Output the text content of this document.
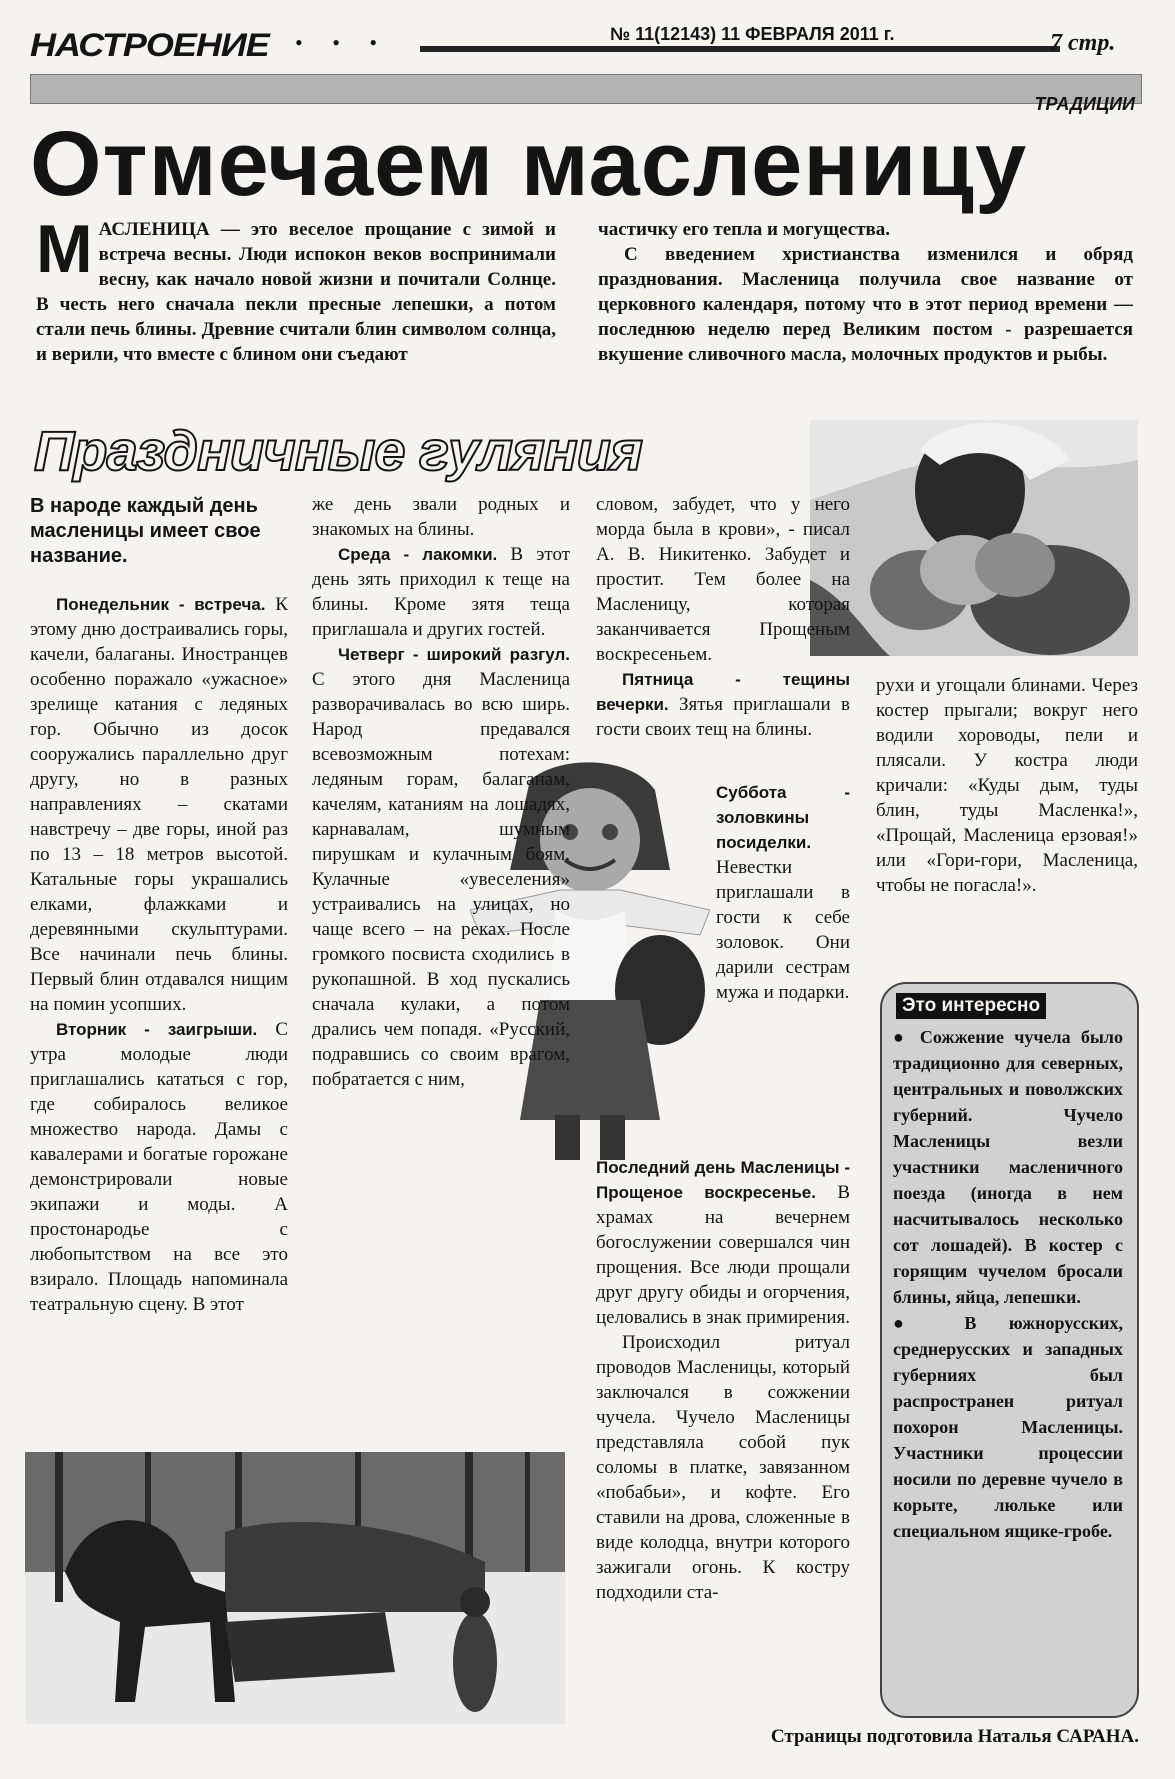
НАСТРОЕНИЕ • • •	№ 11(12143) 11 ФЕВРАЛЯ 2011 г.	7 стр.
ТРАДИЦИИ
Отмечаем масленицу
МАСЛЕНИЦА — это веселое прощание с зимой и встреча весны. Люди испокон веков воспринимали весну, как начало новой жизни и почитали Солнце. В честь него сначала пекли пресные лепешки, а потом стали печь блины. Древние считали блин символом солнца, и верили, что вместе с блином они съедают
частичку его тепла и могущества.
С введением христианства изменился и обряд празднования. Масленица получила свое название от церковного календаря, потому что в этот период времени — последнюю неделю перед Великим постом - разрешается вкушение сливочного масла, молочных продуктов и рыбы.
Праздничные гуляния
В народе каждый день масленицы имеет свое название.

Понедельник - встреча. К этому дню достраивались горы, качели, балаганы. Иностранцев особенно поражало «ужасное» зрелище катания с ледяных гор. Обычно из досок сооружались параллельно друг другу, но в разных направлениях – скатами навстречу – две горы, иной раз по 13 – 18 метров высотой. Катальные горы украшались елками, флажками и деревянными скульптурами. Все начинали печь блины. Первый блин отдавался нищим на помин усопших.

Вторник - заигрыши. С утра молодые люди приглашались кататься с гор, где собиралось великое множество народа. Дамы с кавалерами и богатые горожане демонстрировали новые экипажи и моды. А простонародье с любопытством на все это взирало. Площадь напоминала театральную сцену. В этот

же день звали родных и знакомых на блины.

Среда - лакомки. В этот день зять приходил к теще на блины. Кроме зятя теща приглашала и других гостей.

Четверг - широкий разгул. С этого дня Масленица разворачивалась во всю ширь. Народ предавался всевозможным потехам: ледяным горам, балаганам, качелям, катаниям на лошадях, карнавалам, шумным пирушкам и кулачным боям. Кулачные «увеселения» устраивались на улицах, но чаще всего – на реках. После громкого посвиста сходились в рукопашной. В ход пускались сначала кулаки, а потом дрались чем попадя. «Русский, подравшись со своим врагом, побратается с ним,

словом, забудет, что у него морда была в крови», - писал А. В. Никитенко. Забудет и простит. Тем более на Масленицу, которая заканчивается Прощеным воскресеньем.

Пятница - тещины вечерки. Зятья приглашали в гости своих тещ на блины.

Суббота - золовкины посиделки. Невестки приглашали в гости к себе золовок. Они дарили сестрам мужа и подарки.

Последний день Масленицы - Прощеное воскресенье. В храмах на вечернем богослужении совершался чин прощения. Все люди прощали друг другу обиды и огорчения, целовались в знак примирения.

Происходил ритуал проводов Масленицы, который заключался в сожжении чучела. Чучело Масленицы представляла собой пук соломы в платке, завязанном «побабьи», и кофте. Его ставили на дрова, сложенные в виде колодца, внутри которого зажигали огонь. К костру подходили ста-

рухи и угощали блинами. Через костер прыгали; вокруг него водили хороводы, пели и плясали. У костра люди кричали: «Куды дым, туды блин, туды Масленка!», «Прощай, Масленица ерзовая!» или «Гори-гори, Масленица, чтобы не погасла!».

Это интересно

● Сожжение чучела было традиционно для северных, центральных и поволжских губерний. Чучело Масленицы везли участники масленичного поезда (иногда в нем насчитывалось несколько сот лошадей). В костер с горящим чучелом бросали блины, яйца, лепешки.

● В южнорусских, среднерусских и западных губерниях был распространен ритуал похорон Масленицы. Участники процессии носили по деревне чучело в корыте, люльке или специальном ящике-гробе.

Страницы подготовила Наталья САРАНА.
